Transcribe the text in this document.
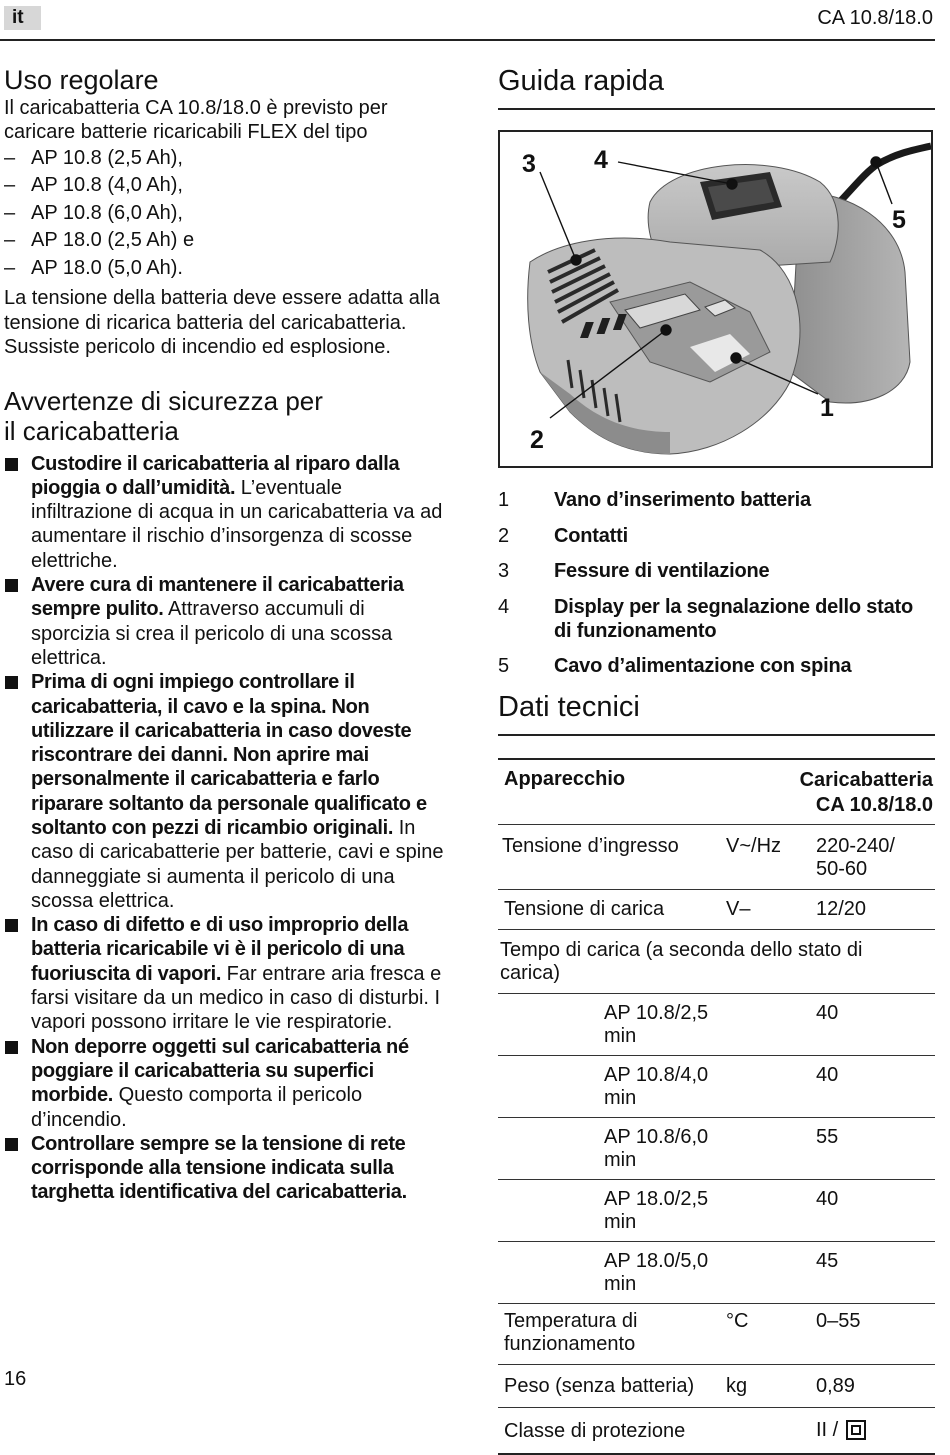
it	CA 10.8/18.0
Uso regolare

Il caricabatteria CA 10.8/18.0 è previsto per caricare batterie ricaricabili FLEX del tipo

– AP 10.8 (2,5 Ah),
– AP 10.8 (4,0 Ah),
– AP 10.8 (6,0 Ah),
– AP 18.0 (2,5 Ah) e
– AP 18.0 (5,0 Ah).

La tensione della batteria deve essere adatta alla tensione di ricarica batteria del caricabatteria. Sussiste pericolo di incendio ed esplosione.

Avvertenze di sicurezza per
il caricabatteria
Custodire il caricabatteria al riparo dalla pioggia o dall’umidità. L’eventuale infiltrazione di acqua in un caricabatteria va ad aumentare il rischio d’insorgenza di scosse elettriche.
Avere cura di mantenere il caricabatteria sempre pulito. Attraverso accumuli di sporcizia si crea il pericolo di una scossa elettrica.
Prima di ogni impiego controllare il caricabatteria, il cavo e la spina. Non utilizzare il caricabatteria in caso doveste riscontrare dei danni. Non aprire mai personalmente il caricabatteria e farlo riparare soltanto da personale qualificato e soltanto con pezzi di ricambio originali. In caso di caricabatterie per batterie, cavi e spine danneggiate si aumenta il pericolo di una scossa elettrica.
In caso di difetto e di uso improprio della batteria ricaricabile vi è il pericolo di una fuoriuscita di vapori. Far entrare aria fresca e farsi visitare da un medico in caso di disturbi. I vapori possono irritare le vie respiratorie.
Non deporre oggetti sul caricabatteria né poggiare il caricabatteria su superfici morbide. Questo comporta il pericolo d’incendio.
Controllare sempre se la tensione di rete corrisponde alla tensione indicata sulla targhetta identificativa del caricabatteria.
Guida rapida
3 4
5
2
1
1 Vano d’inserimento batteria
2 Contatti
3 Fessure di ventilazione
4 Display per la segnalazione dello stato di funzionamento
5 Cavo d’alimentazione con spina
Dati tecnici
Apparecchio	Caricabatteria
CA 10.8/18.0	
Tensione d’ingresso	V~/Hz	220-240/
50-60
Tensione di carica	V–	12/20
Tempo di carica (a seconda dello stato di carica)		
AP 10.8/2,5 min		40
AP 10.8/4,0 min		40
AP 10.8/6,0 min		55
AP 18.0/2,5 min		40
AP 18.0/5,0 min		45
Temperatura di funzionamento	°C	0–55
Peso (senza batteria)	kg	0,89
Classe di protezione		II /
16
